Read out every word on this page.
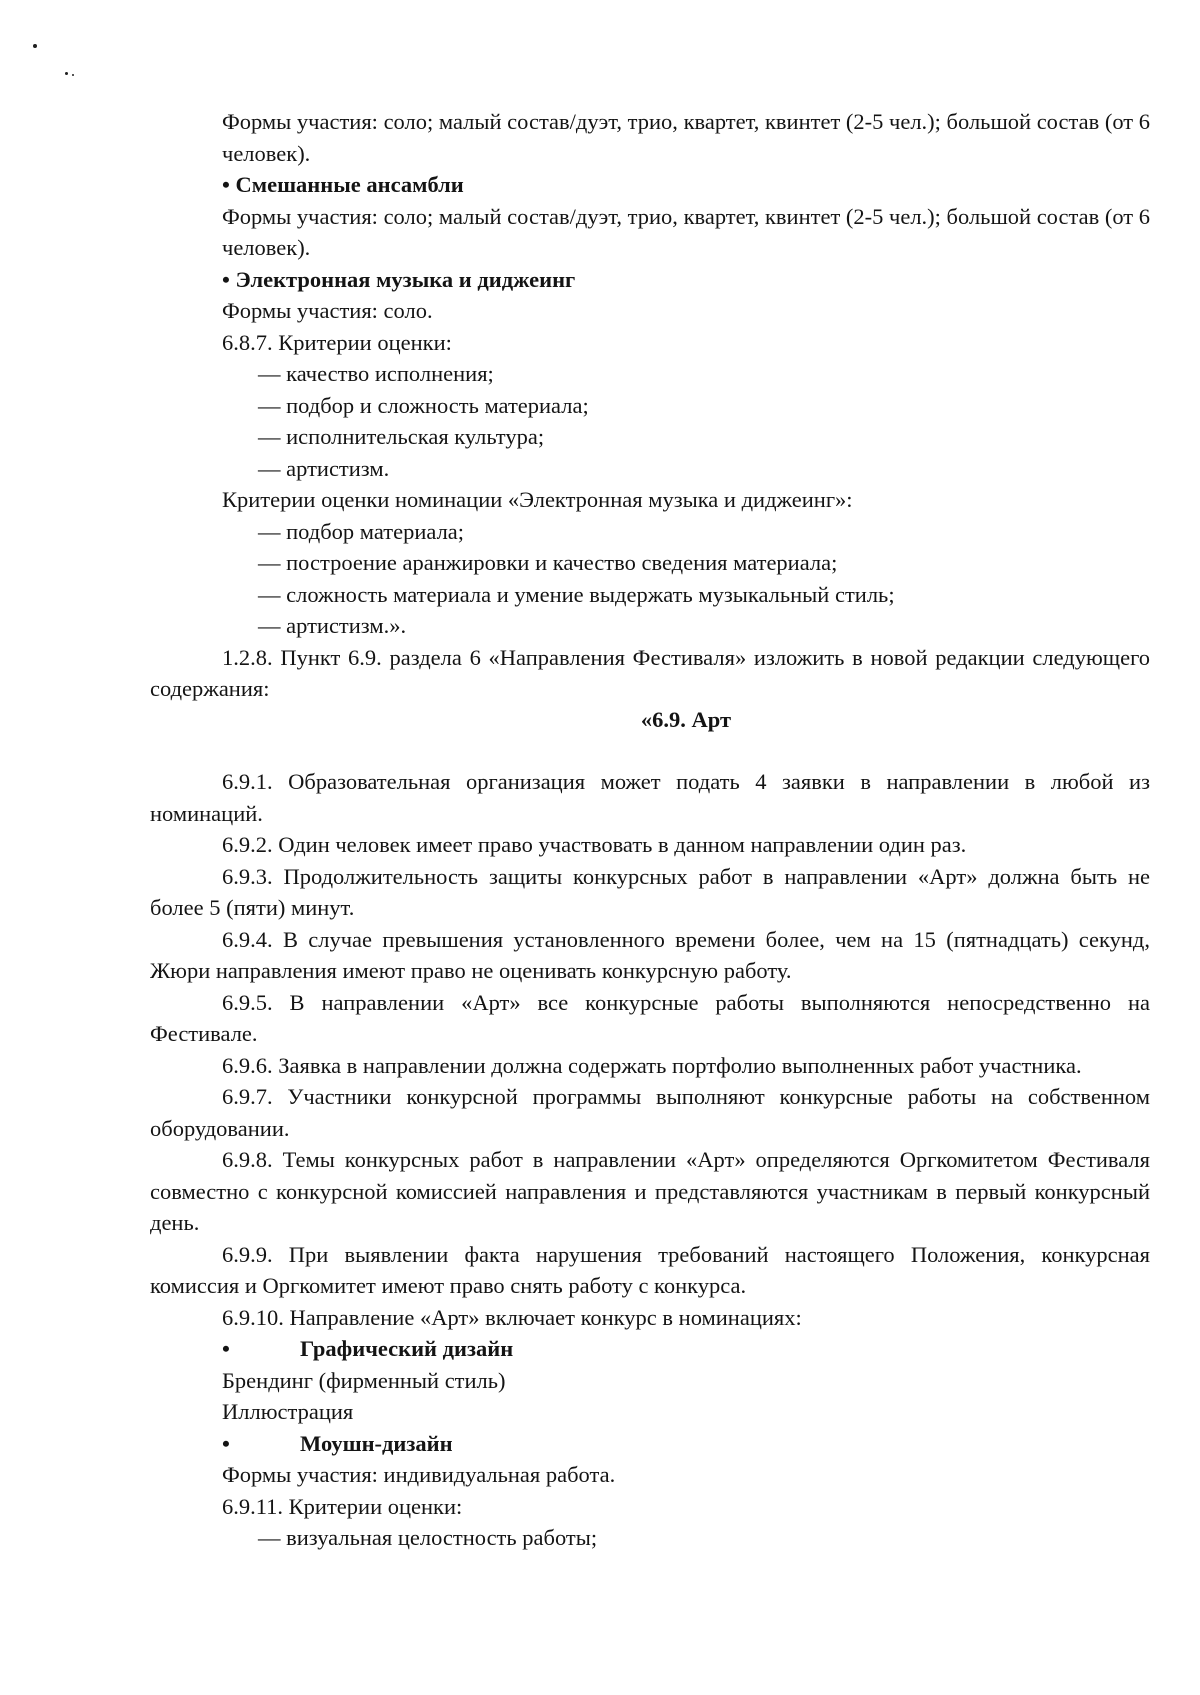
Формы участия: соло; малый состав/дуэт, трио, квартет, квинтет (2-5 чел.); большой состав (от 6 человек).
• Смешанные ансамбли
Формы участия: соло; малый состав/дуэт, трио, квартет, квинтет (2-5 чел.); большой состав (от 6 человек).
• Электронная музыка и диджеинг
Формы участия: соло.
6.8.7. Критерии оценки:
— качество исполнения;
— подбор и сложность материала;
— исполнительская культура;
— артистизм.
Критерии оценки номинации «Электронная музыка и диджеинг»:
— подбор материала;
— построение аранжировки и качество сведения материала;
— сложность материала и умение выдержать музыкальный стиль;
— артистизм.».
1.2.8. Пункт 6.9. раздела 6 «Направления Фестиваля» изложить в новой редакции следующего содержания:
«6.9. Арт
6.9.1. Образовательная организация может подать 4 заявки в направлении в любой из номинаций.
6.9.2. Один человек имеет право участвовать в данном направлении один раз.
6.9.3. Продолжительность защиты конкурсных работ в направлении «Арт» должна быть не более 5 (пяти) минут.
6.9.4. В случае превышения установленного времени более, чем на 15 (пятнадцать) секунд, Жюри направления имеют право не оценивать конкурсную работу.
6.9.5. В направлении «Арт» все конкурсные работы выполняются непосредственно на Фестивале.
6.9.6. Заявка в направлении должна содержать портфолио выполненных работ участника.
6.9.7. Участники конкурсной программы выполняют конкурсные работы на собственном оборудовании.
6.9.8. Темы конкурсных работ в направлении «Арт» определяются Оргкомитетом Фестиваля совместно с конкурсной комиссией направления и представляются участникам в первый конкурсный день.
6.9.9. При выявлении факта нарушения требований настоящего Положения, конкурсная комиссия и Оргкомитет имеют право снять работу с конкурса.
6.9.10. Направление «Арт» включает конкурс в номинациях:
•	Графический дизайн
Брендинг (фирменный стиль)
Иллюстрация
•	Моушн-дизайн
Формы участия: индивидуальная работа.
6.9.11. Критерии оценки:
— визуальная целостность работы;
